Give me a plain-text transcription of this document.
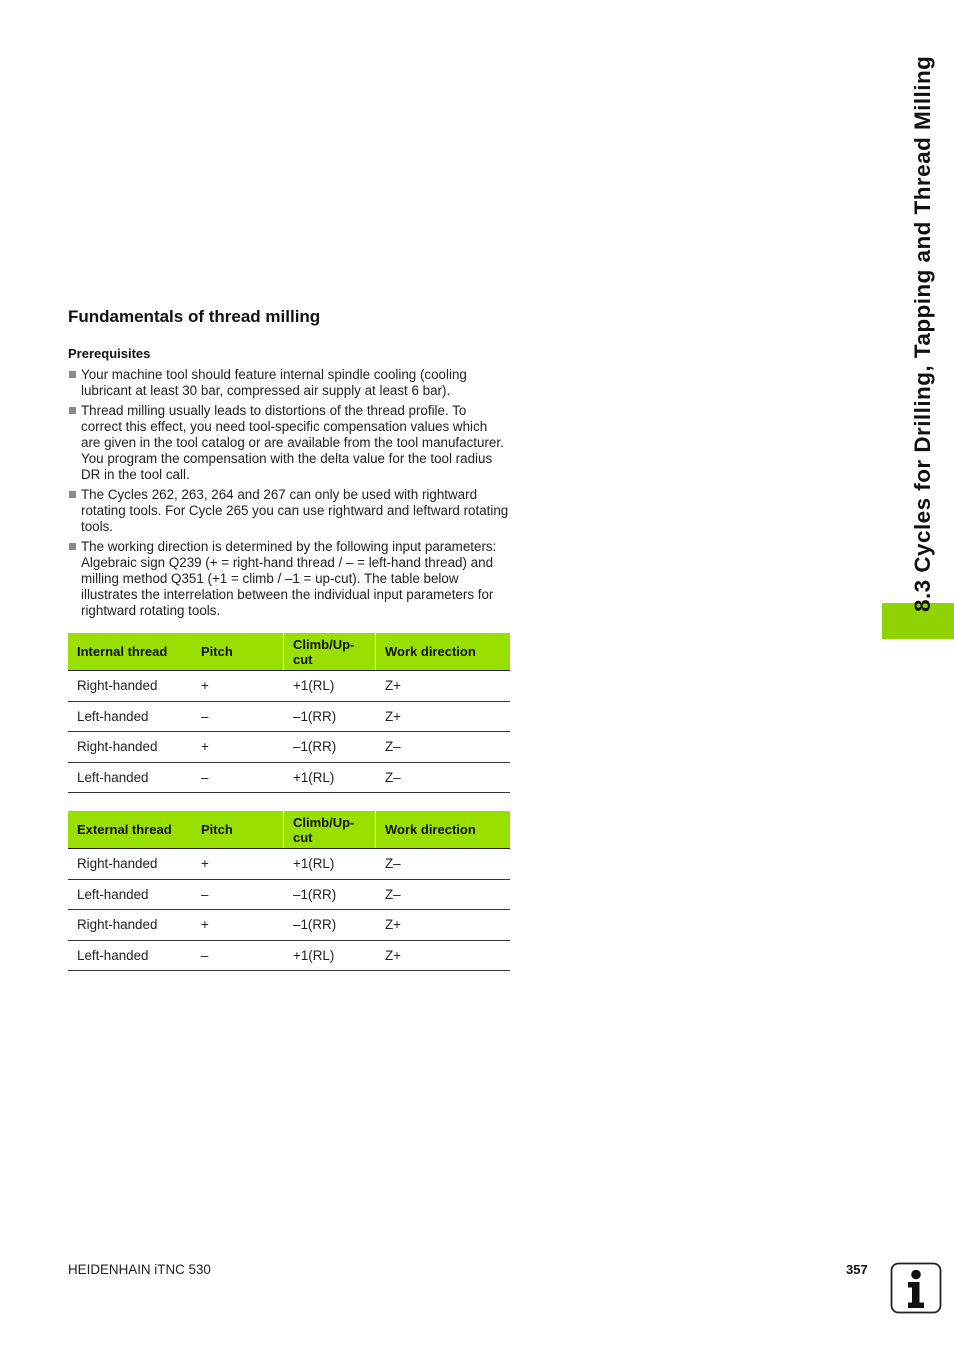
Fundamentals of thread milling
Prerequisites
Your machine tool should feature internal spindle cooling (cooling lubricant at least 30 bar, compressed air supply at least 6 bar).
Thread milling usually leads to distortions of the thread profile. To correct this effect, you need tool-specific compensation values which are given in the tool catalog or are available from the tool manufacturer. You program the compensation with the delta value for the tool radius DR in the tool call.
The Cycles 262, 263, 264 and 267 can only be used with rightward rotating tools. For Cycle 265 you can use rightward and leftward rotating tools.
The working direction is determined by the following input parameters: Algebraic sign Q239 (+ = right-hand thread / – = left-hand thread) and milling method Q351 (+1 = climb / –1 = up-cut). The table below illustrates the interrelation between the individual input parameters for rightward rotating tools.
Internal thread	Pitch	Climb/Up-cut	Work direction
Right-handed	+	+1(RL)	Z+
Left-handed	–	–1(RR)	Z+
Right-handed	+	–1(RR)	Z–
Left-handed	–	+1(RL)	Z–
External thread	Pitch	Climb/Up-cut	Work direction
Right-handed	+	+1(RL)	Z–
Left-handed	–	–1(RR)	Z–
Right-handed	+	–1(RR)	Z+
Left-handed	–	+1(RL)	Z+
8.3 Cycles for Drilling, Tapping and Thread Milling
HEIDENHAIN iTNC 530	357
